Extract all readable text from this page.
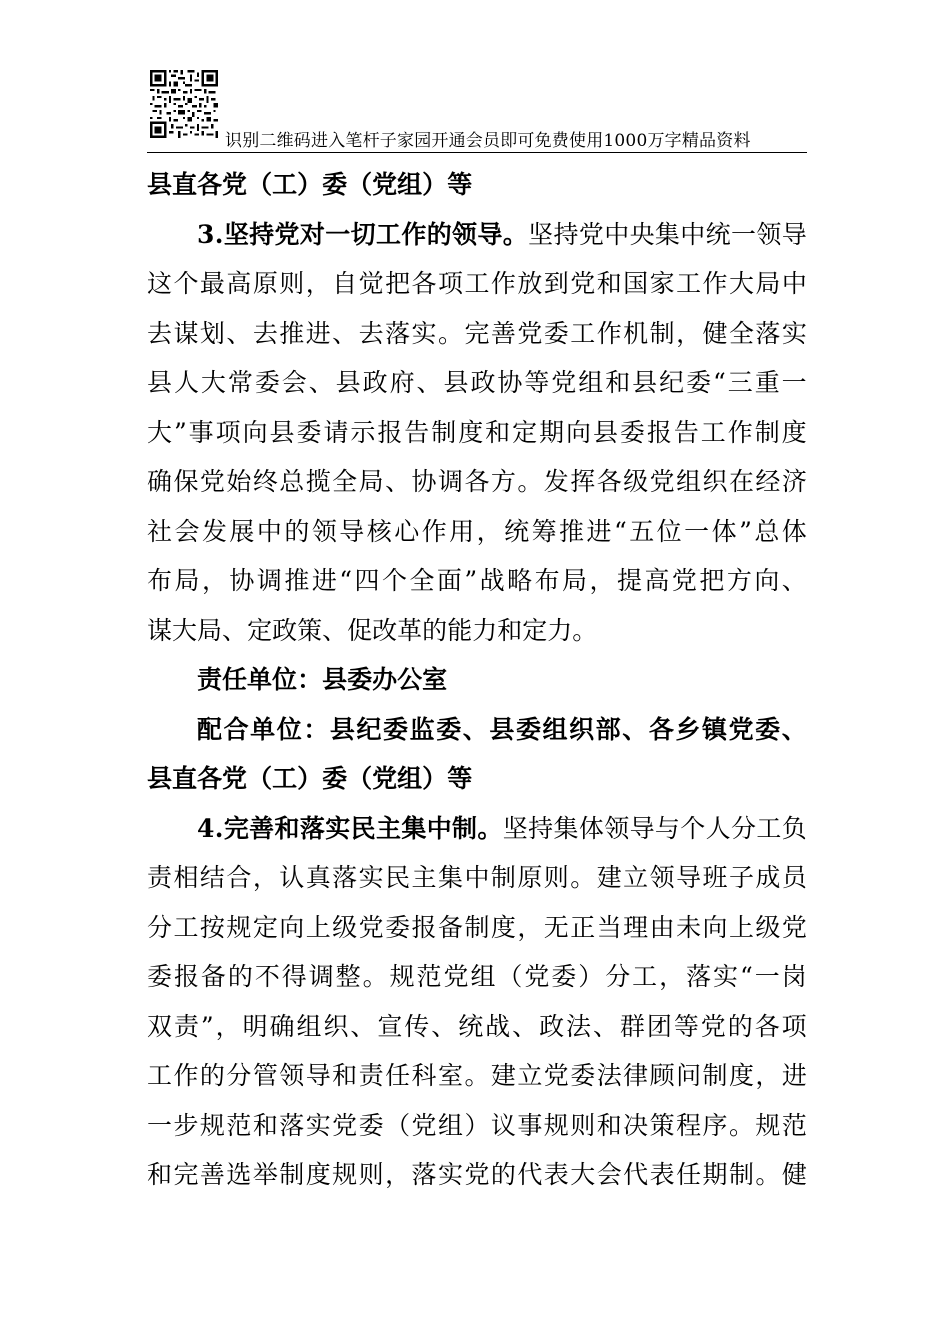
识别二维码进入笔杆子家园开通会员即可免费使用1000万字精品资料
县 直 各 党 （ 工 ） 委 （ 党 组 ） 等
3 . 坚 持 党 对 一 切 工 作 的 领 导 。 坚 持 党 中 央 集 中 统 一 领 导
这 个 最 高 原 则 ， 自 觉 把 各 项 工 作 放 到 党 和 国 家 工 作 大 局 中
去 谋 划 、 去 推 进 、 去 落 实 。 完 善 党 委 工 作 机 制 ， 健 全 落 实
县 人 大 常 委 会 、 县 政 府 、 县 政 协 等 党 组 和 县 纪 委 “ 三 重 一
大 ” 事 项 向 县 委 请 示 报 告 制 度 和 定 期 向 县 委 报 告 工 作 制 度
确 保 党 始 终 总 揽 全 局 、 协 调 各 方 。 发 挥 各 级 党 组 织 在 经 济
社 会 发 展 中 的 领 导 核 心 作 用 ， 统 筹 推 进 “ 五 位 一 体 ” 总 体
布 局 ， 协 调 推 进 “ 四 个 全 面 ” 战 略 布 局 ， 提 高 党 把 方 向 、
谋 大 局 、 定 政 策 、 促 改 革 的 能 力 和 定 力 。
责 任 单 位 ： 县 委 办 公 室
配 合 单 位 ： 县 纪 委 监 委 、 县 委 组 织 部 、 各 乡 镇 党 委 、
县 直 各 党 （ 工 ） 委 （ 党 组 ） 等
4 . 完 善 和 落 实 民 主 集 中 制 。 坚 持 集 体 领 导 与 个 人 分 工 负
责 相 结 合 ， 认 真 落 实 民 主 集 中 制 原 则 。 建 立 领 导 班 子 成 员
分 工 按 规 定 向 上 级 党 委 报 备 制 度 ， 无 正 当 理 由 未 向 上 级 党
委 报 备 的 不 得 调 整 。 规 范 党 组 （ 党 委 ） 分 工 ， 落 实 “ 一 岗
双 责 ” ， 明 确 组 织 、 宣 传 、 统 战 、 政 法 、 群 团 等 党 的 各 项
工 作 的 分 管 领 导 和 责 任 科 室 。 建 立 党 委 法 律 顾 问 制 度 ， 进
一 步 规 范 和 落 实 党 委 （ 党 组 ） 议 事 规 则 和 决 策 程 序 。 规 范
和 完 善 选 举 制 度 规 则 ， 落 实 党 的 代 表 大 会 代 表 任 期 制 。 健
